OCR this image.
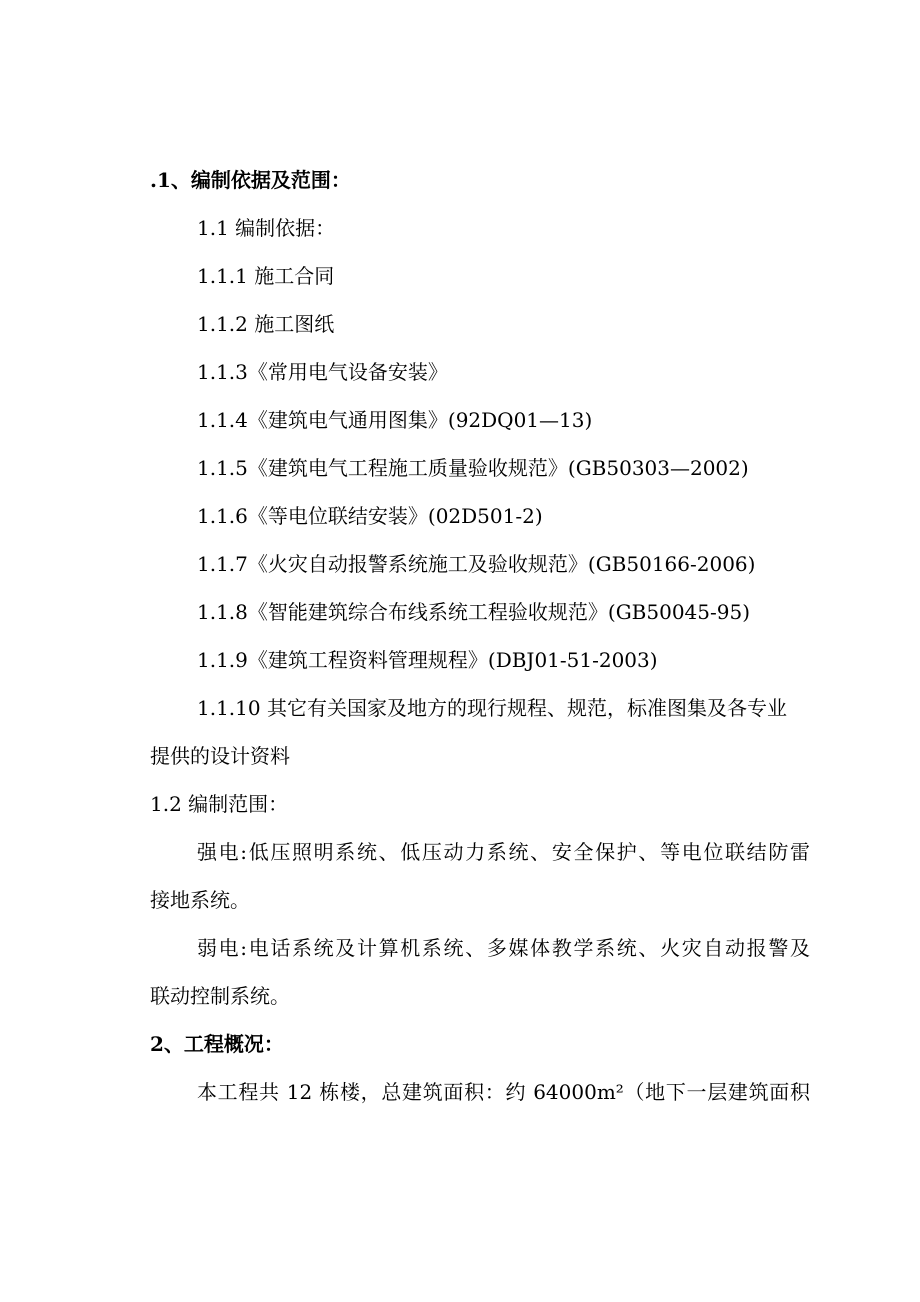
.1、编制依据及范围：
1.1 编制依据：
1.1.1 施工合同
1.1.2 施工图纸
1.1.3《常用电气设备安装》
1.1.4《建筑电气通用图集》(92DQ01—13)
1.1.5《建筑电气工程施工质量验收规范》(GB50303—2002)
1.1.6《等电位联结安装》(02D501-2)
1.1.7《火灾自动报警系统施工及验收规范》(GB50166-2006)
1.1.8《智能建筑综合布线系统工程验收规范》(GB50045-95)
1.1.9《建筑工程资料管理规程》(DBJ01-51-2003)
1.1.10 其它有关国家及地方的现行规程、规范，标准图集及各专业
提供的设计资料
1.2 编制范围：
强电:低压照明系统、低压动力系统、安全保护、等电位联结防雷
接地系统。
弱电:电话系统及计算机系统、多媒体教学系统、火灾自动报警及
联动控制系统。
2、工程概况：
本工程共 12 栋楼，总建筑面积：约 64000m²（地下一层建筑面积
